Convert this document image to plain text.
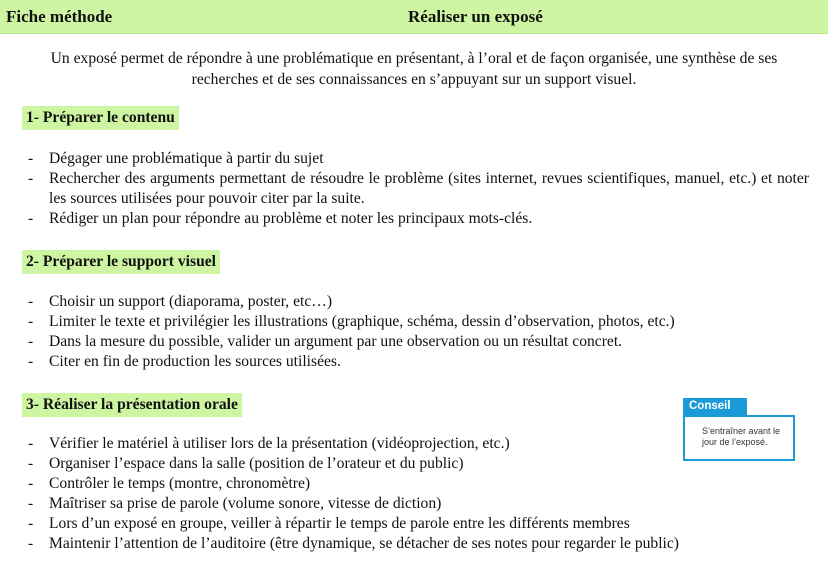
Fiche méthode	Réaliser un exposé
Un exposé permet de répondre à une problématique en présentant, à l’oral et de façon organisée, une synthèse de ses recherches et de ses connaissances en s’appuyant sur un support visuel.
1- Préparer le contenu
- Dégager une problématique à partir du sujet
- Rechercher des arguments permettant de résoudre le problème (sites internet, revues scientifiques, manuel, etc.) et noter les sources utilisées pour pouvoir citer par la suite.
- Rédiger un plan pour répondre au problème et noter les principaux mots-clés.
2- Préparer le support visuel
- Choisir un support (diaporama, poster, etc…)
- Limiter le texte et privilégier les illustrations (graphique, schéma, dessin d’observation, photos, etc.)
- Dans la mesure du possible, valider un argument par une observation ou un résultat concret.
- Citer en fin de production les sources utilisées.
3- Réaliser la présentation orale
- Vérifier le matériel à utiliser lors de la présentation (vidéoprojection, etc.)
- Organiser l’espace dans la salle (position de l’orateur et du public)
- Contrôler le temps (montre, chronomètre)
- Maîtriser sa prise de parole (volume sonore, vitesse de diction)
- Lors d’un exposé en groupe, veiller à répartir le temps de parole entre les différents membres
- Maintenir l’attention de l’auditoire (être dynamique, se détacher de ses notes pour regarder le public)
Conseil
S’entraîner avant le jour de l’exposé.
